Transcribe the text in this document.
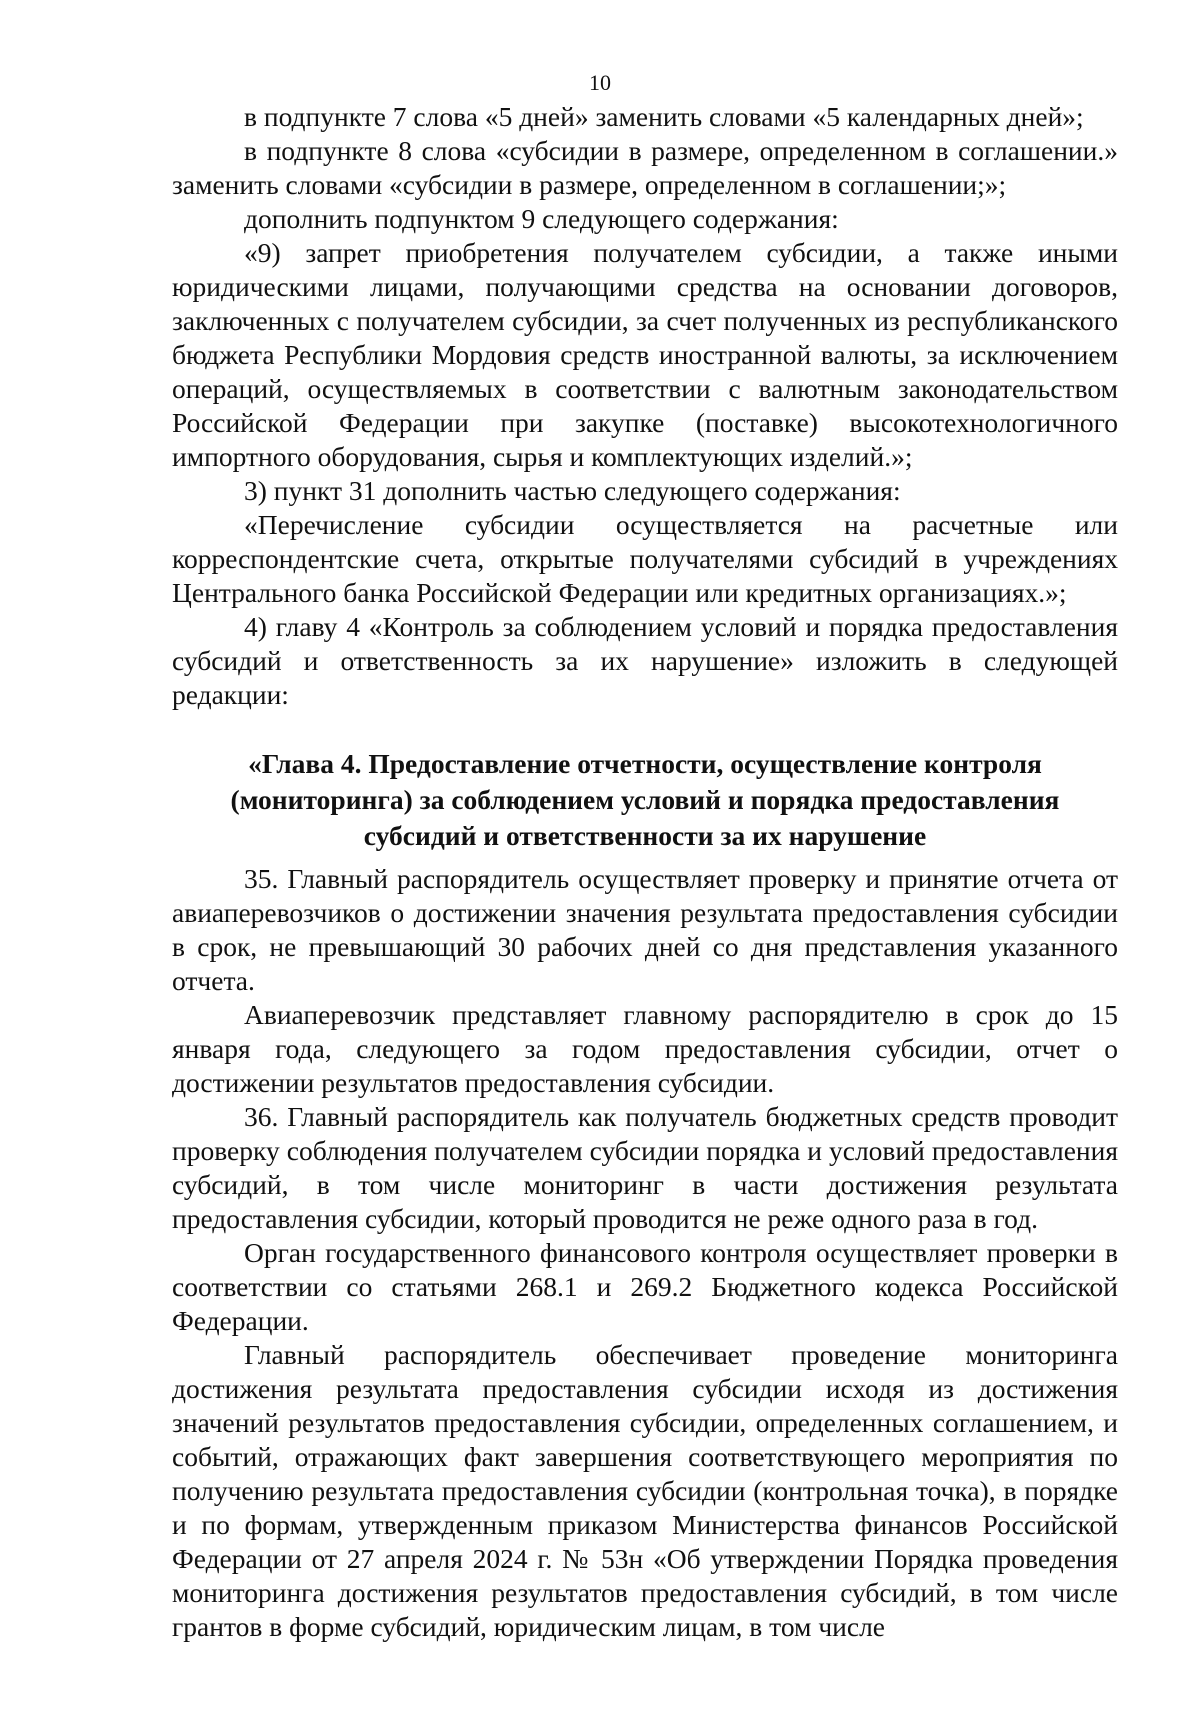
10

в подпункте 7 слова «5 дней» заменить словами «5 календарных дней»;

в подпункте 8 слова «субсидии в размере, определенном в соглашении.» заменить словами «субсидии в размере, определенном в соглашении;»;

дополнить подпунктом 9 следующего содержания:

«9) запрет приобретения получателем субсидии, а также иными юридическими лицами, получающими средства на основании договоров, заключенных с получателем субсидии, за счет полученных из республиканского бюджета Республики Мордовия средств иностранной валюты, за исключением операций, осуществляемых в соответствии с валютным законодательством Российской Федерации при закупке (поставке) высокотехнологичного импортного оборудования, сырья и комплектующих изделий.»;

3) пункт 31 дополнить частью следующего содержания:

«Перечисление субсидии осуществляется на расчетные или корреспондентские счета, открытые получателями субсидий в учреждениях Центрального банка Российской Федерации или кредитных организациях.»;

4) главу 4 «Контроль за соблюдением условий и порядка предоставления субсидий и ответственность за их нарушение» изложить в следующей редакции:

«Глава 4. Предоставление отчетности, осуществление контроля (мониторинга) за соблюдением условий и порядка предоставления субсидий и ответственности за их нарушение

35. Главный распорядитель осуществляет проверку и принятие отчета от авиаперевозчиков о достижении значения результата предоставления субсидии в срок, не превышающий 30 рабочих дней со дня представления указанного отчета.

Авиаперевозчик представляет главному распорядителю в срок до 15 января года, следующего за годом предоставления субсидии, отчет о достижении результатов предоставления субсидии.

36. Главный распорядитель как получатель бюджетных средств проводит проверку соблюдения получателем субсидии порядка и условий предоставления субсидий, в том числе мониторинг в части достижения результата предоставления субсидии, который проводится не реже одного раза в год.

Орган государственного финансового контроля осуществляет проверки в соответствии со статьями 268.1 и 269.2 Бюджетного кодекса Российской Федерации.

Главный распорядитель обеспечивает проведение мониторинга достижения результата предоставления субсидии исходя из достижения значений результатов предоставления субсидии, определенных соглашением, и событий, отражающих факт завершения соответствующего мероприятия по получению результата предоставления субсидии (контрольная точка), в порядке и по формам, утвержденным приказом Министерства финансов Российской Федерации от 27 апреля 2024 г. № 53н «Об утверждении Порядка проведения мониторинга достижения результатов предоставления субсидий, в том числе грантов в форме субсидий, юридическим лицам, в том числе
